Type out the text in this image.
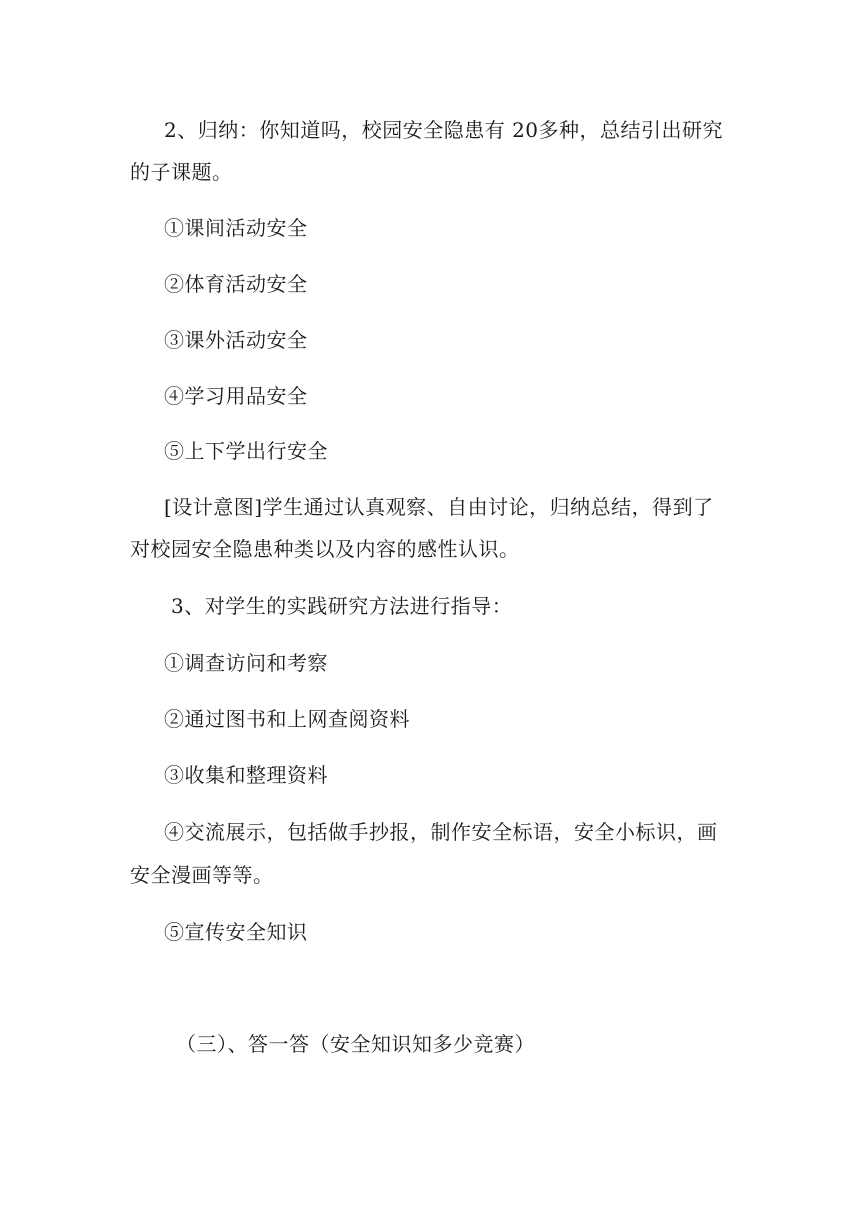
2、归纳：你知道吗，校园安全隐患有 20多种，总结引出研究
的子课题。
①课间活动安全
②体育活动安全
③课外活动安全
④学习用品安全
⑤上下学出行安全
[设计意图]学生通过认真观察、自由讨论，归纳总结，得到了
对校园安全隐患种类以及内容的感性认识。
3、对学生的实践研究方法进行指导：
①调查访问和考察
②通过图书和上网查阅资料
③收集和整理资料
④交流展示，包括做手抄报，制作安全标语，安全小标识，画
安全漫画等等。
⑤宣传安全知识
（三）、答一答（安全知识知多少竞赛）
